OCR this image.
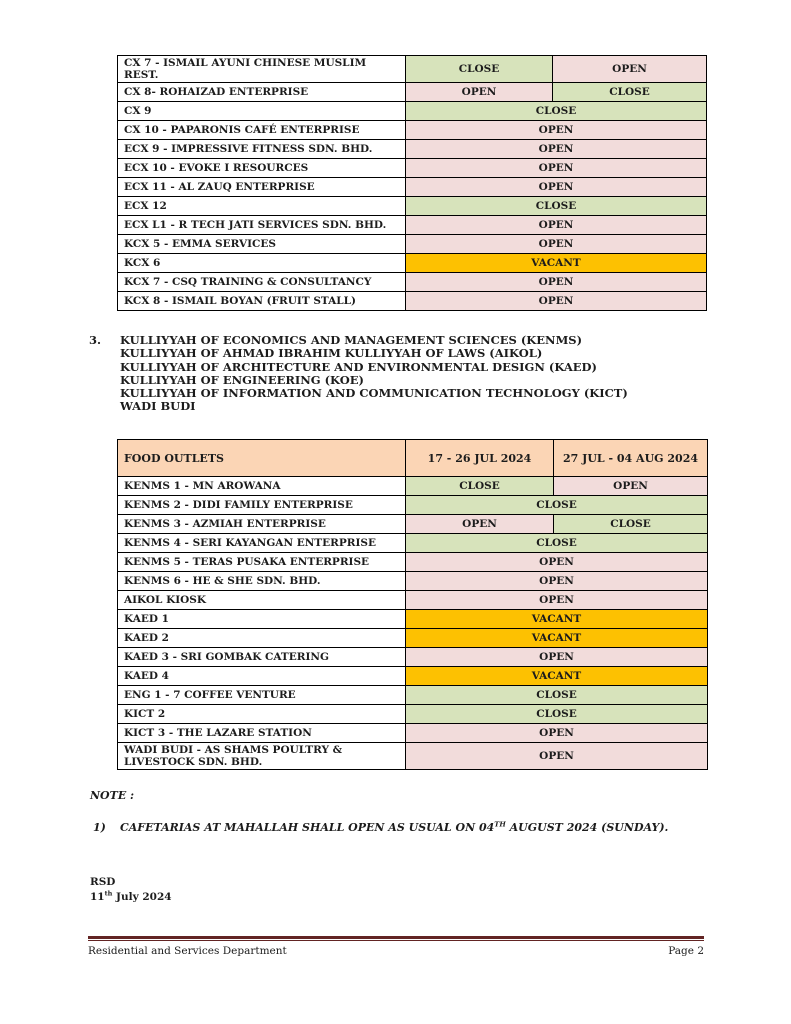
CX 7 - ISMAIL AYUNI CHINESE MUSLIM REST.	CLOSE	OPEN
CX 8- ROHAIZAD ENTERPRISE	OPEN	CLOSE
CX 9	CLOSE	
CX 10 - PAPARONIS CAFÉ ENTERPRISE	OPEN	
ECX 9 - IMPRESSIVE FITNESS SDN. BHD.	OPEN	
ECX 10 - EVOKE I RESOURCES	OPEN	
ECX 11 - AL ZAUQ ENTERPRISE	OPEN	
ECX 12	CLOSE	
ECX L1 - R TECH JATI SERVICES SDN. BHD.	OPEN	
KCX 5 - EMMA SERVICES	OPEN	
KCX 6	VACANT	
KCX 7 - CSQ TRAINING & CONSULTANCY	OPEN	
KCX 8 - ISMAIL BOYAN (FRUIT STALL)	OPEN	
3.	KULLIYYAH OF ECONOMICS AND MANAGEMENT SCIENCES (KENMS)
KULLIYYAH OF AHMAD IBRAHIM KULLIYYAH OF LAWS (AIKOL)
KULLIYYAH OF ARCHITECTURE AND ENVIRONMENTAL DESIGN (KAED)
KULLIYYAH OF ENGINEERING (KOE)
KULLIYYAH OF INFORMATION AND COMMUNICATION TECHNOLOGY (KICT)
WADI BUDI
FOOD OUTLETS	17 - 26 JUL 2024	27 JUL - 04 AUG 2024
KENMS 1 - MN AROWANA	CLOSE	OPEN
KENMS 2 - DIDI FAMILY ENTERPRISE	CLOSE	
KENMS 3 - AZMIAH ENTERPRISE	OPEN	CLOSE
KENMS 4 - SERI KAYANGAN ENTERPRISE	CLOSE	
KENMS 5 - TERAS PUSAKA ENTERPRISE	OPEN	
KENMS 6 - HE & SHE SDN. BHD.	OPEN	
AIKOL KIOSK	OPEN	
KAED 1	VACANT	
KAED 2	VACANT	
KAED 3 - SRI GOMBAK CATERING	OPEN	
KAED 4	VACANT	
ENG 1 - 7 COFFEE VENTURE	CLOSE	
KICT 2	CLOSE	
KICT 3 - THE LAZARE STATION	OPEN	
WADI BUDI - AS SHAMS POULTRY & LIVESTOCK SDN. BHD.	OPEN	
NOTE :
1)	CAFETARIAS AT MAHALLAH SHALL OPEN AS USUAL ON 04TH AUGUST 2024 (SUNDAY).
RSD
11th July 2024
Residential and Services Department	Page 2
